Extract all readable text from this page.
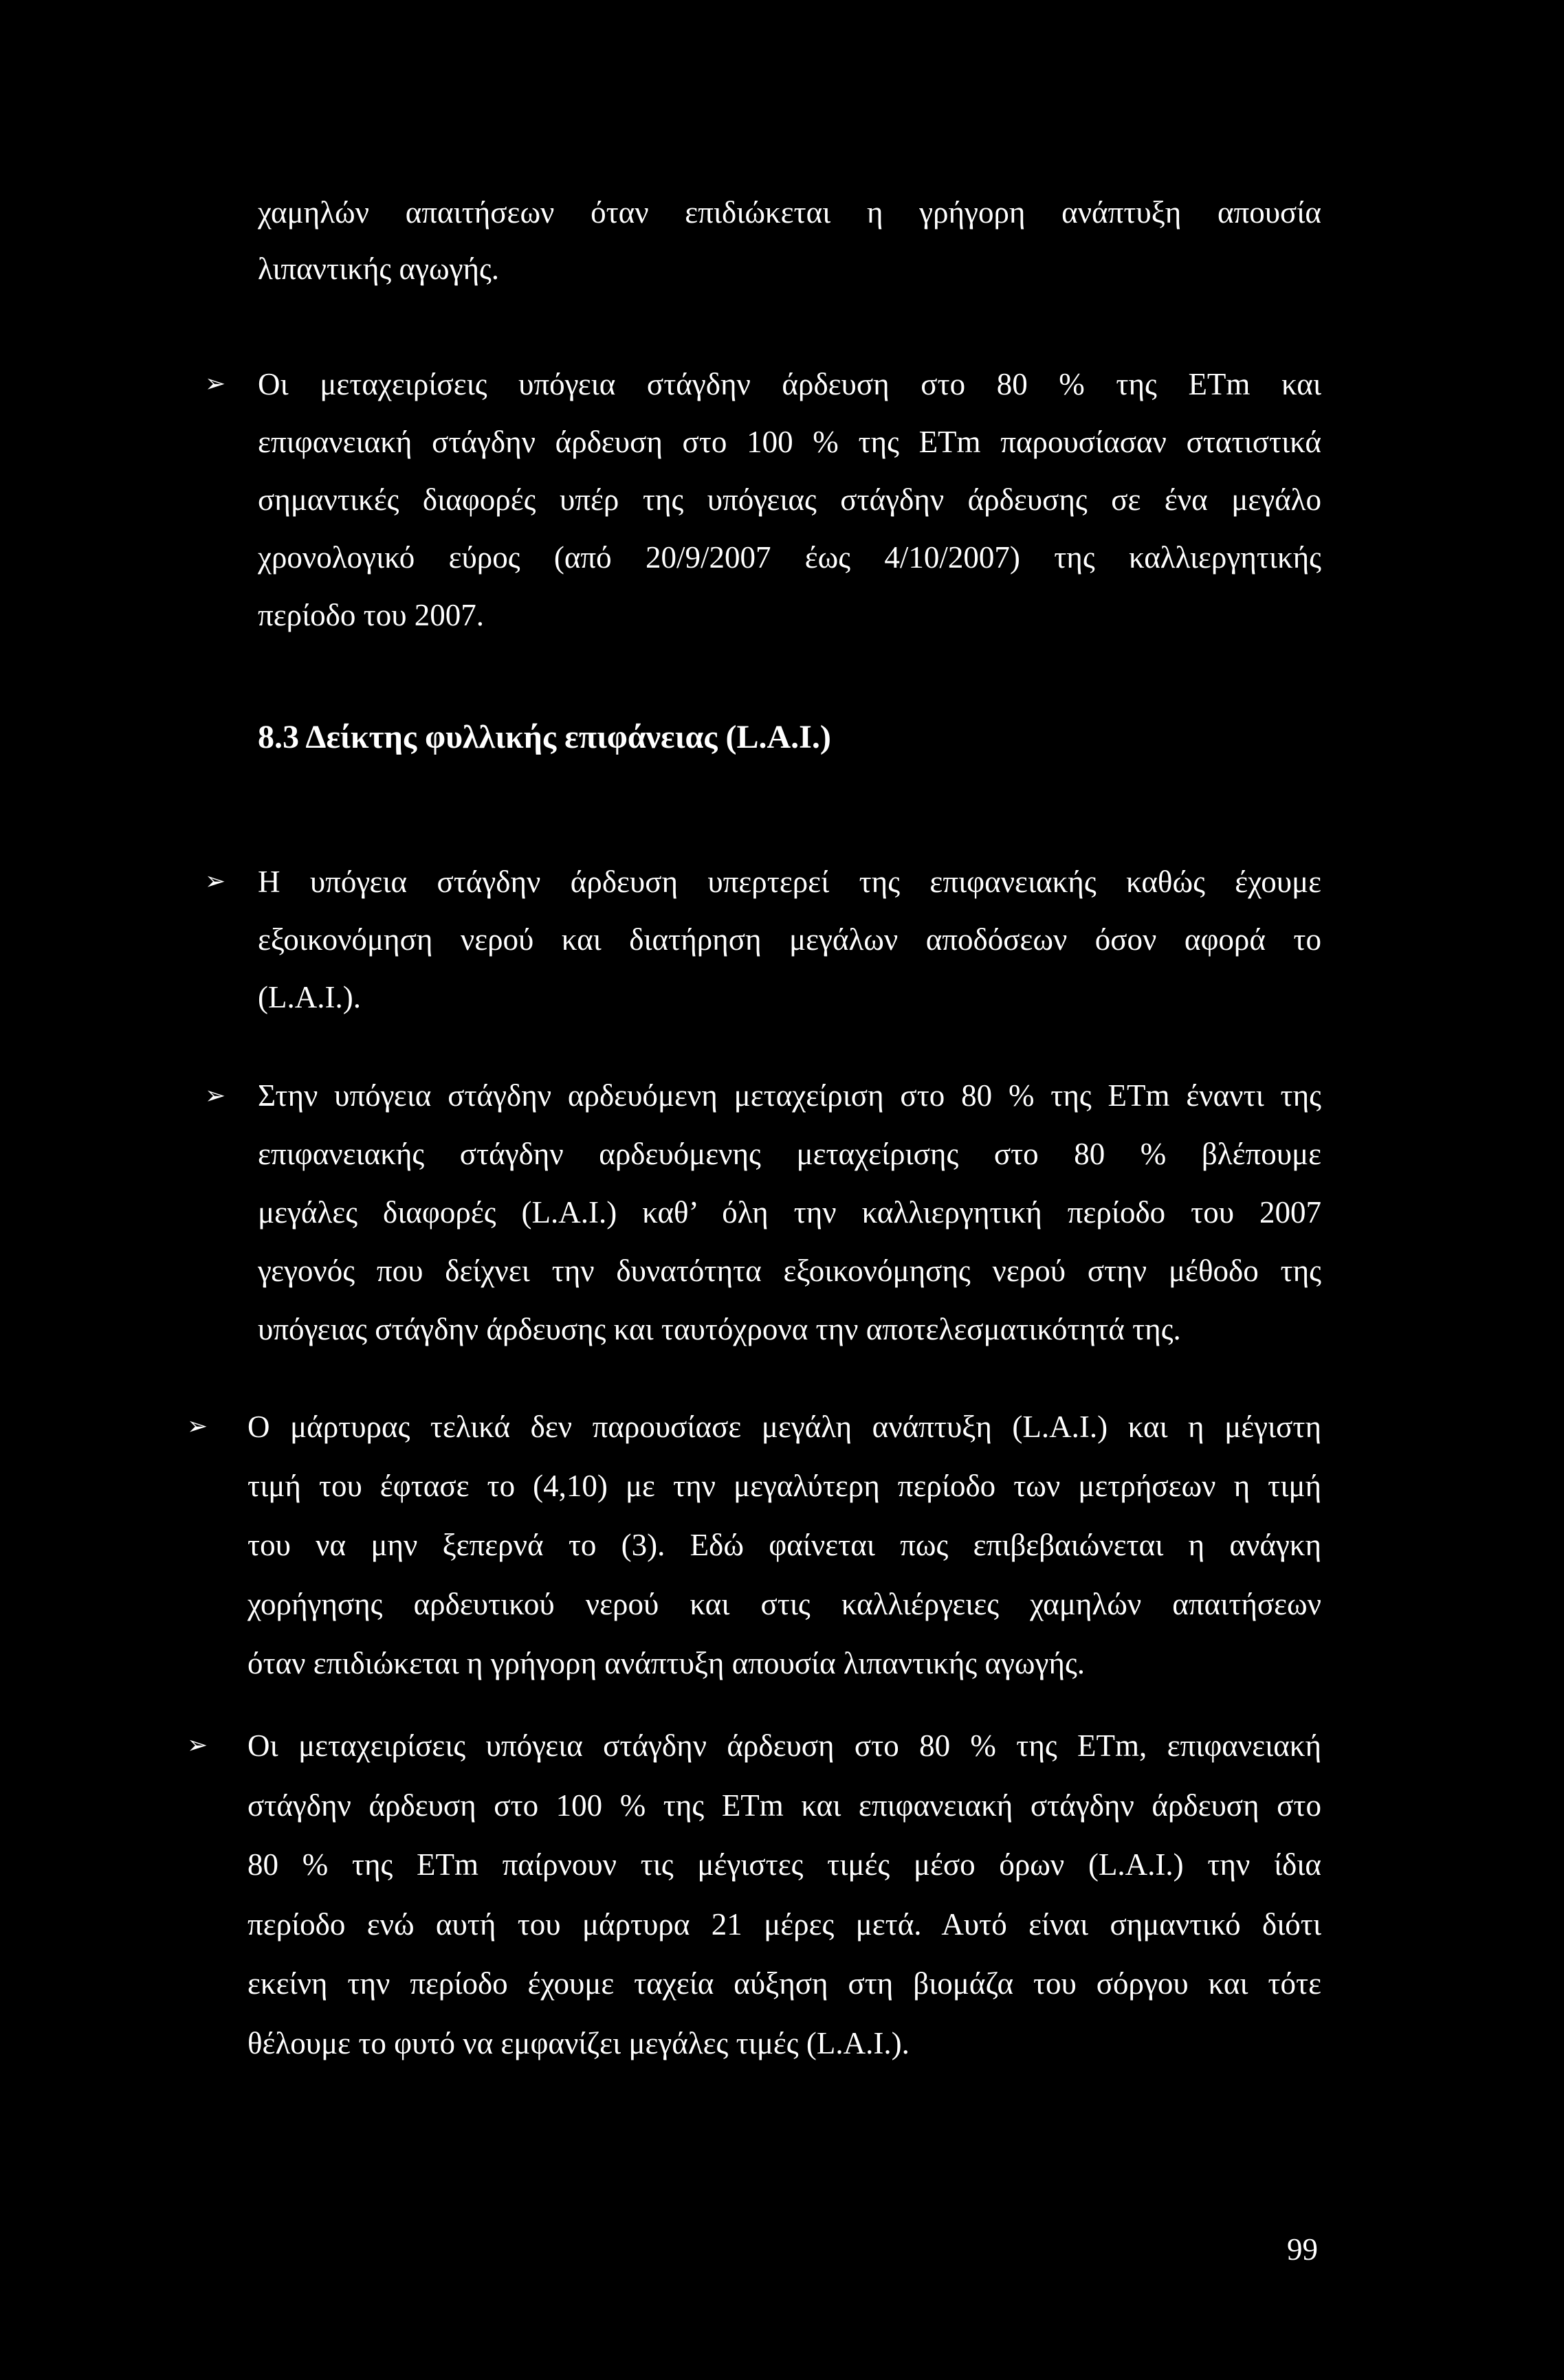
χαμηλών απαιτήσεων όταν επιδιώκεται η γρήγορη ανάπτυξη απουσία
λιπαντικής αγωγής.
➢
Οι μεταχειρίσεις υπόγεια στάγδην άρδευση στο 80 % της ETm και
επιφανειακή στάγδην άρδευση στο 100 % της ETm παρουσίασαν στατιστικά
σημαντικές διαφορές υπέρ της υπόγειας στάγδην άρδευσης σε ένα μεγάλο
χρονολογικό εύρος (από 20/9/2007 έως 4/10/2007) της καλλιεργητικής
περίοδο του 2007.
8.3 Δείκτης φυλλικής επιφάνειας (L.A.I.)
➢
Η υπόγεια στάγδην άρδευση υπερτερεί της επιφανειακής καθώς έχουμε
εξοικονόμηση νερού και διατήρηση μεγάλων αποδόσεων όσον αφορά το
(L.A.I.).
➢
Στην υπόγεια στάγδην αρδευόμενη μεταχείριση στο 80 % της ETm έναντι της
επιφανειακής στάγδην αρδευόμενης μεταχείρισης στο 80 % βλέπουμε
μεγάλες διαφορές (L.A.I.) καθ’ όλη την καλλιεργητική περίοδο του 2007
γεγονός που δείχνει την δυνατότητα εξοικονόμησης νερού στην μέθοδο της
υπόγειας στάγδην άρδευσης και ταυτόχρονα την αποτελεσματικότητά της.
➢
Ο μάρτυρας τελικά δεν παρουσίασε μεγάλη ανάπτυξη (L.A.I.) και η μέγιστη
τιμή του έφτασε το (4,10) με την μεγαλύτερη περίοδο των μετρήσεων η τιμή
του να μην ξεπερνά το (3). Εδώ φαίνεται πως επιβεβαιώνεται η ανάγκη
χορήγησης αρδευτικού νερού και στις καλλιέργειες χαμηλών απαιτήσεων
όταν επιδιώκεται η γρήγορη ανάπτυξη απουσία λιπαντικής αγωγής.
➢
Οι μεταχειρίσεις υπόγεια στάγδην άρδευση στο 80 % της ETm, επιφανειακή
στάγδην άρδευση στο 100 % της ETm και επιφανειακή στάγδην άρδευση στο
80 % της ETm παίρνουν τις μέγιστες τιμές μέσο όρων (L.A.I.) την ίδια
περίοδο ενώ αυτή του μάρτυρα 21 μέρες μετά. Αυτό είναι σημαντικό διότι
εκείνη την περίοδο έχουμε ταχεία αύξηση στη βιομάζα του σόργου και τότε
θέλουμε το φυτό να εμφανίζει μεγάλες τιμές (L.A.I.).
99
